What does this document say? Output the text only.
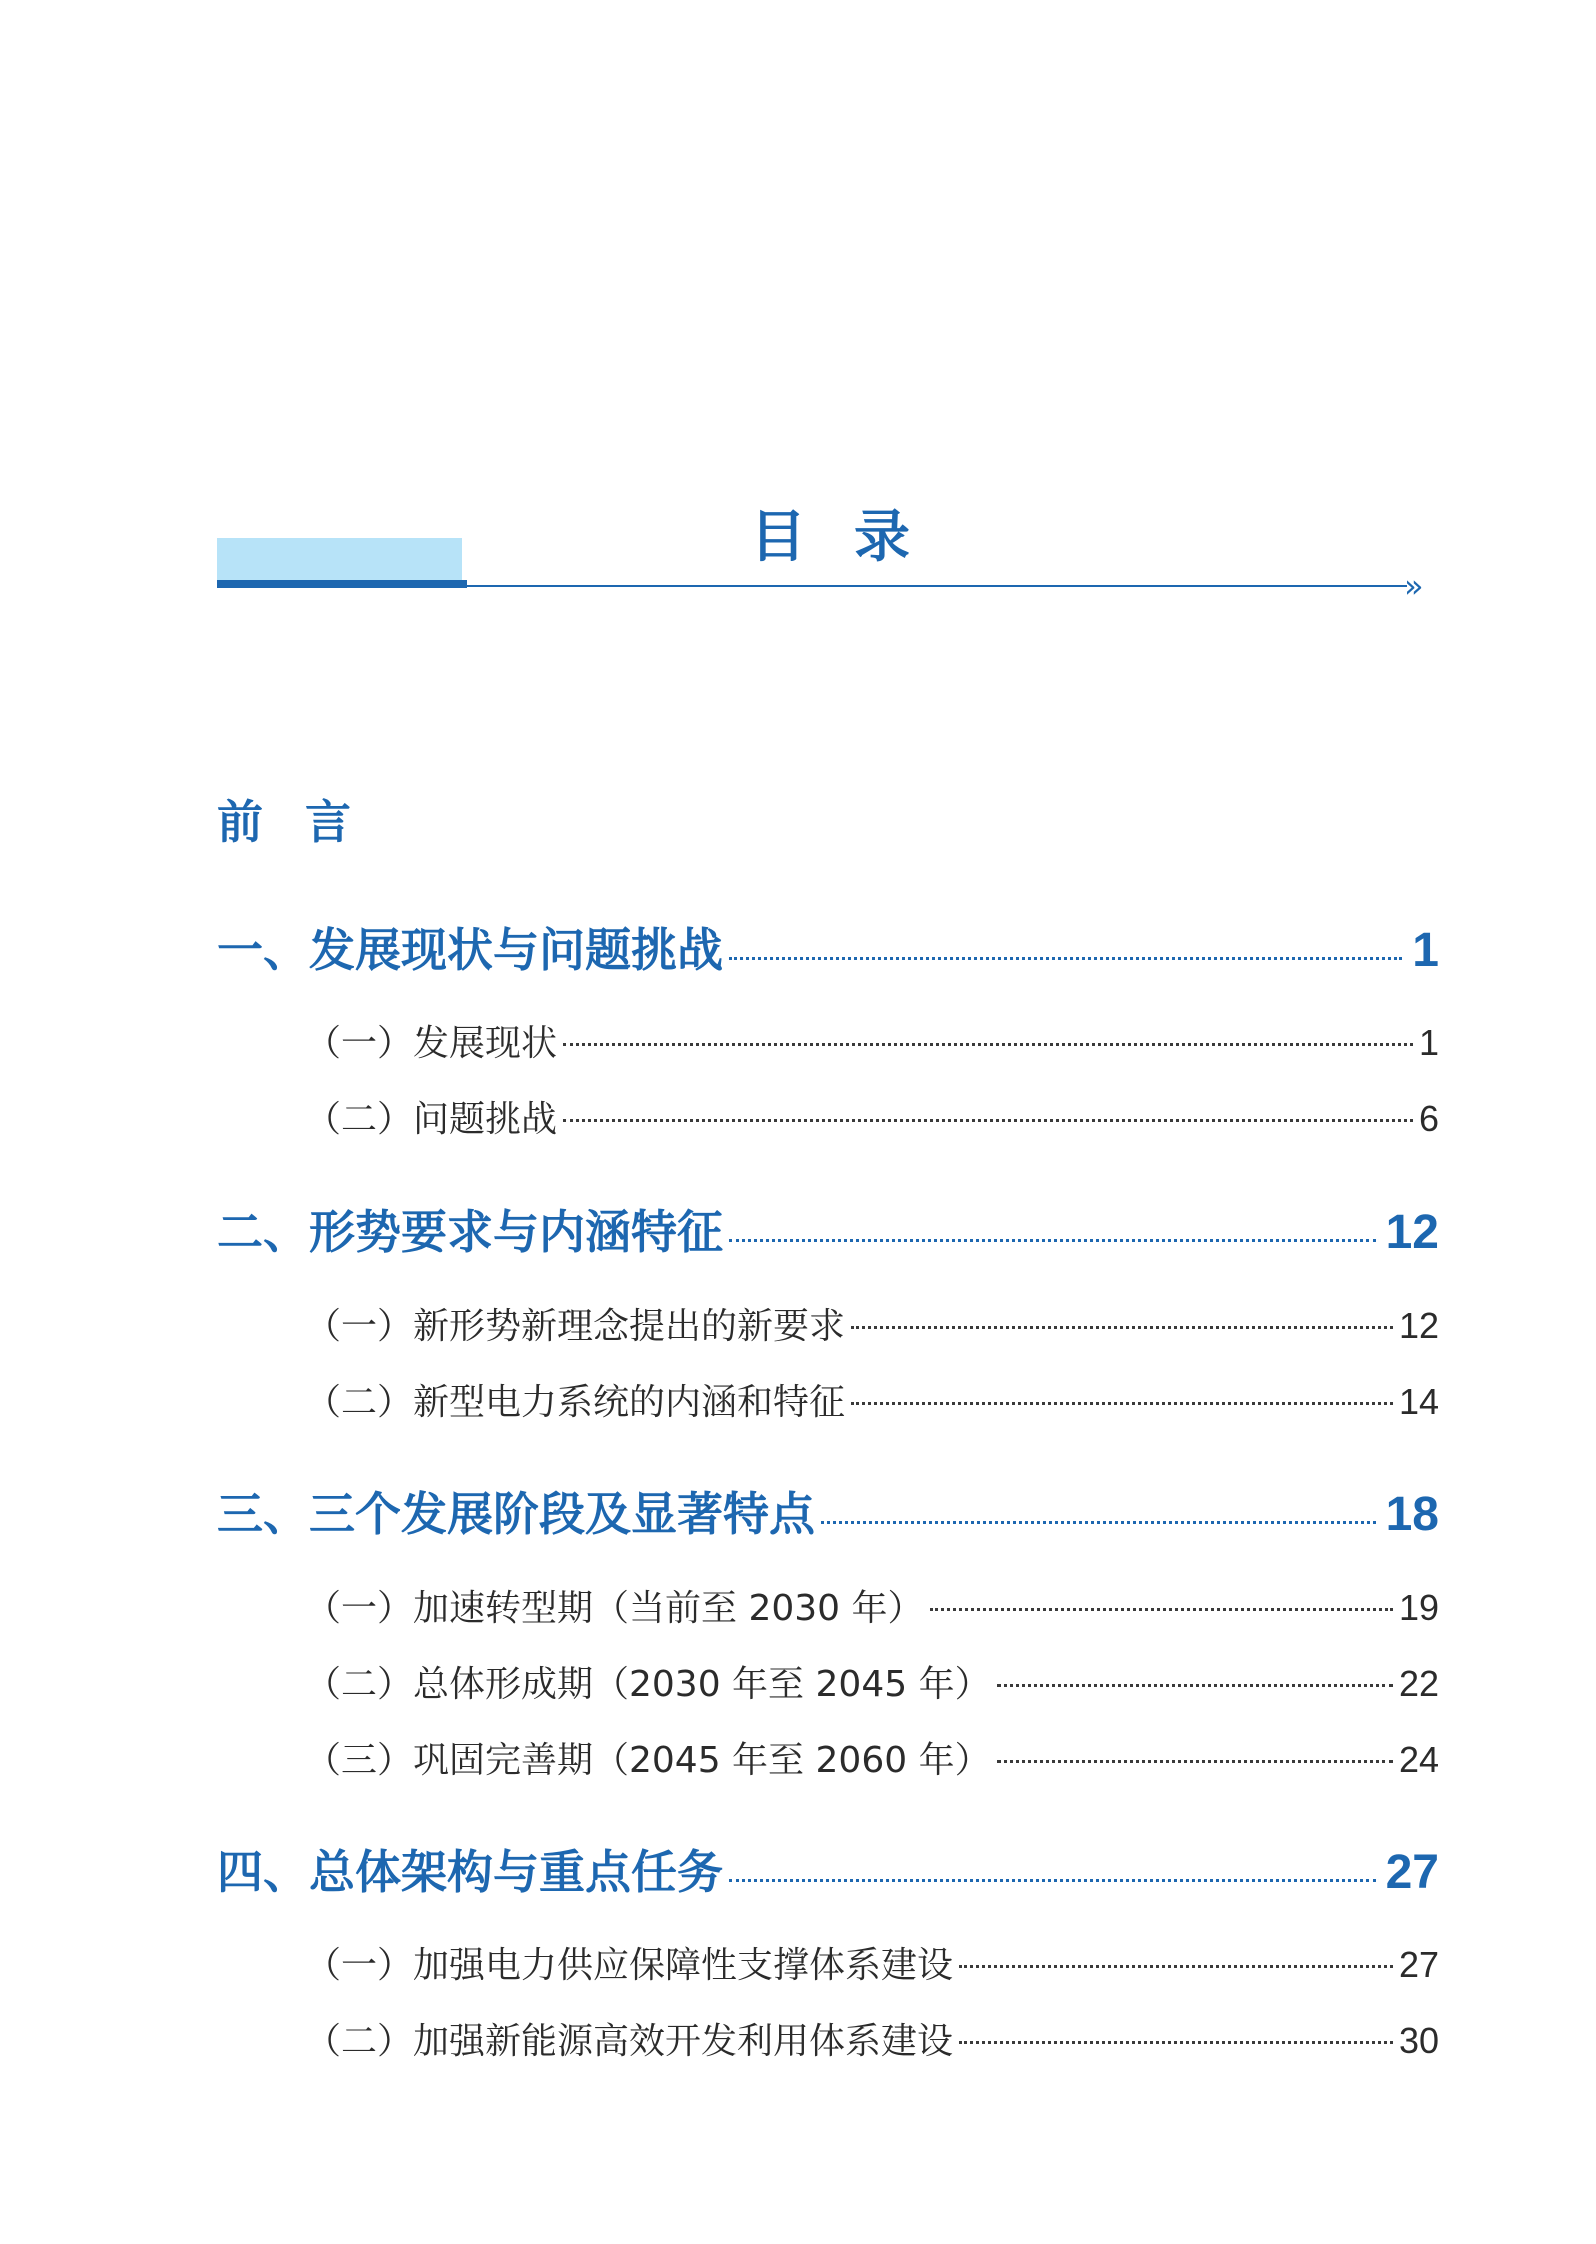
»
目录
前言
一、发展现状与问题挑战	1
（一）发展现状	1
（二）问题挑战	6
二、形势要求与内涵特征	12
（一）新形势新理念提出的新要求	12
（二）新型电力系统的内涵和特征	14
三、三个发展阶段及显著特点	18
（一）加速转型期（当前至 2030 年）	19
（二）总体形成期（2030 年至 2045 年）	22
（三）巩固完善期（2045 年至 2060 年）	24
四、总体架构与重点任务	27
（一）加强电力供应保障性支撑体系建设	27
（二）加强新能源高效开发利用体系建设	30
